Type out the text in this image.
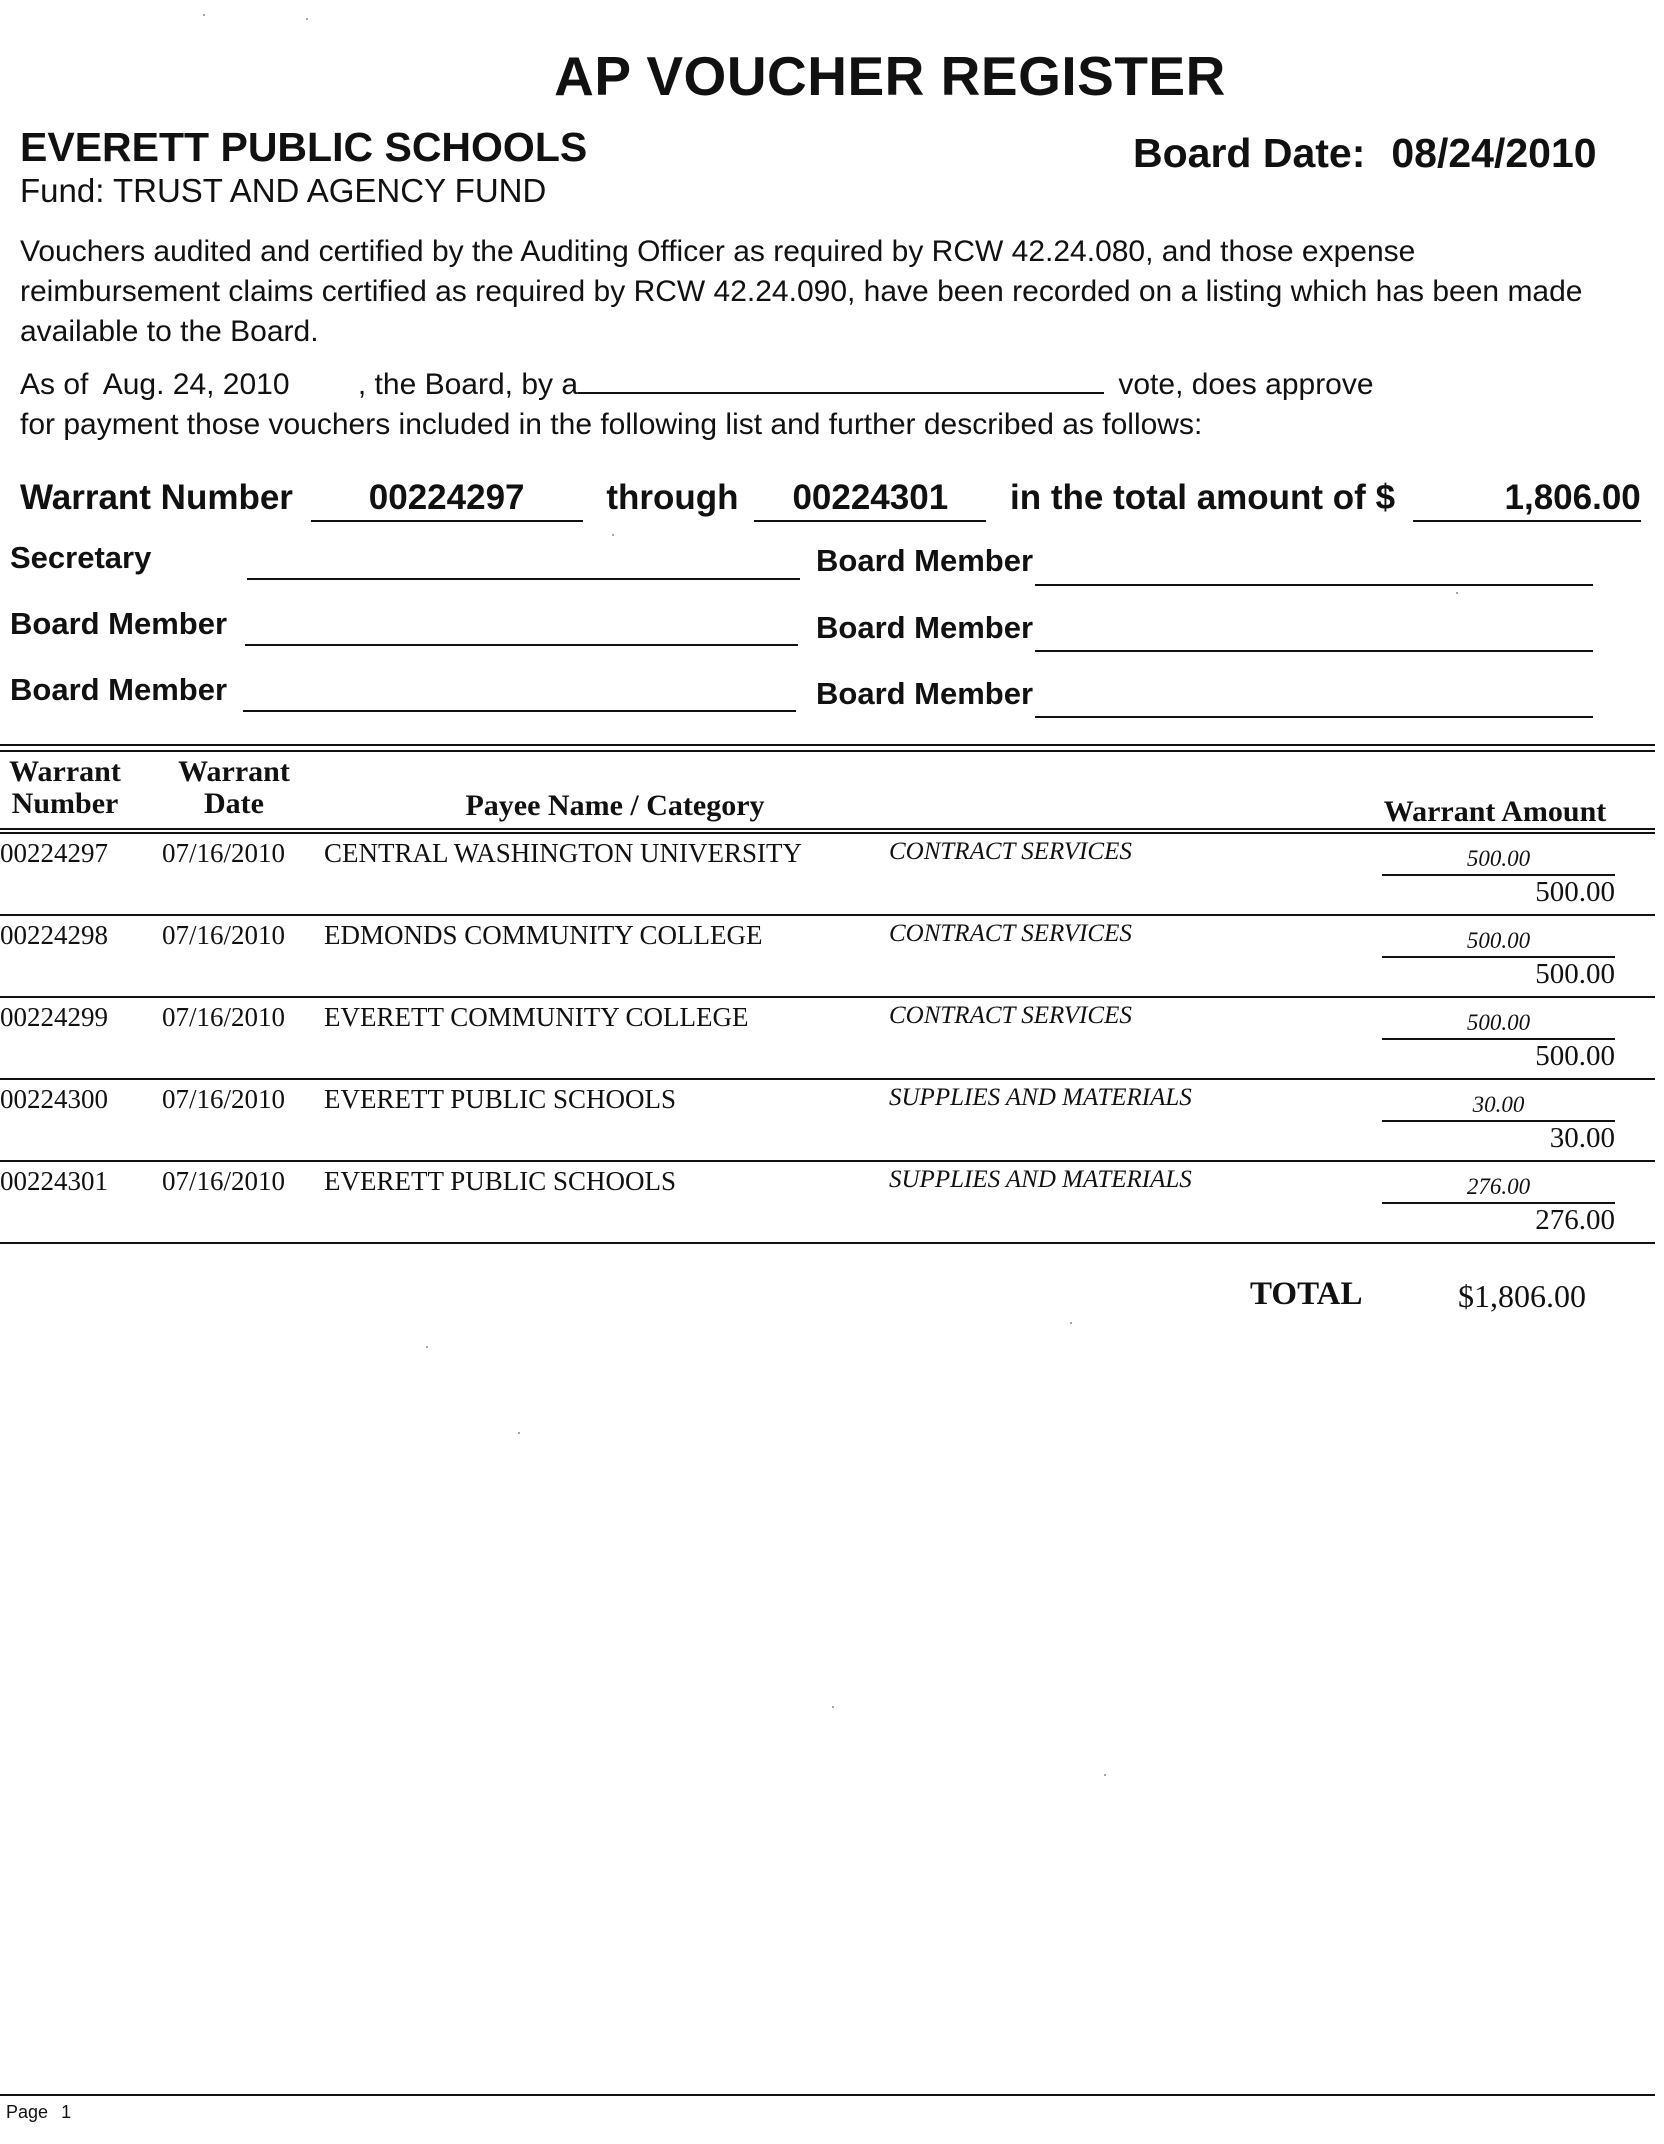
AP VOUCHER REGISTER
EVERETT PUBLIC SCHOOLS	Board Date: 08/24/2010
Fund: TRUST AND AGENCY FUND
Vouchers audited and certified by the Auditing Officer as required by RCW 42.24.080, and those expense reimbursement claims certified as required by RCW 42.24.090, have been recorded on a listing which has been made available to the Board.
As of Aug. 24, 2010 , the Board, by a	vote, does approve
for payment those vouchers included in the following list and further described as follows:
Warrant Number 00224297 through 00224301 in the total amount of $	1,806.00
Secretary	Board Member
Board Member	Board Member
Board Member	Board Member
Warrant Number
Warrant Date	Payee Name / Category	Warrant Amount
00224297 07/16/2010 CENTRAL WASHINGTON UNIVERSITY	CONTRACT SERVICES	500.00
500.00
00224298 07/16/2010 EDMONDS COMMUNITY COLLEGE	CONTRACT SERVICES	500.00
500.00
00224299 07/16/2010 EVERETT COMMUNITY COLLEGE	CONTRACT SERVICES	500.00
500.00
00224300 07/16/2010 EVERETT PUBLIC SCHOOLS	SUPPLIES AND MATERIALS	30.00
30.00
00224301 07/16/2010 EVERETT PUBLIC SCHOOLS	SUPPLIES AND MATERIALS	276.00
276.00
TOTAL	$1,806.00
Page 1
